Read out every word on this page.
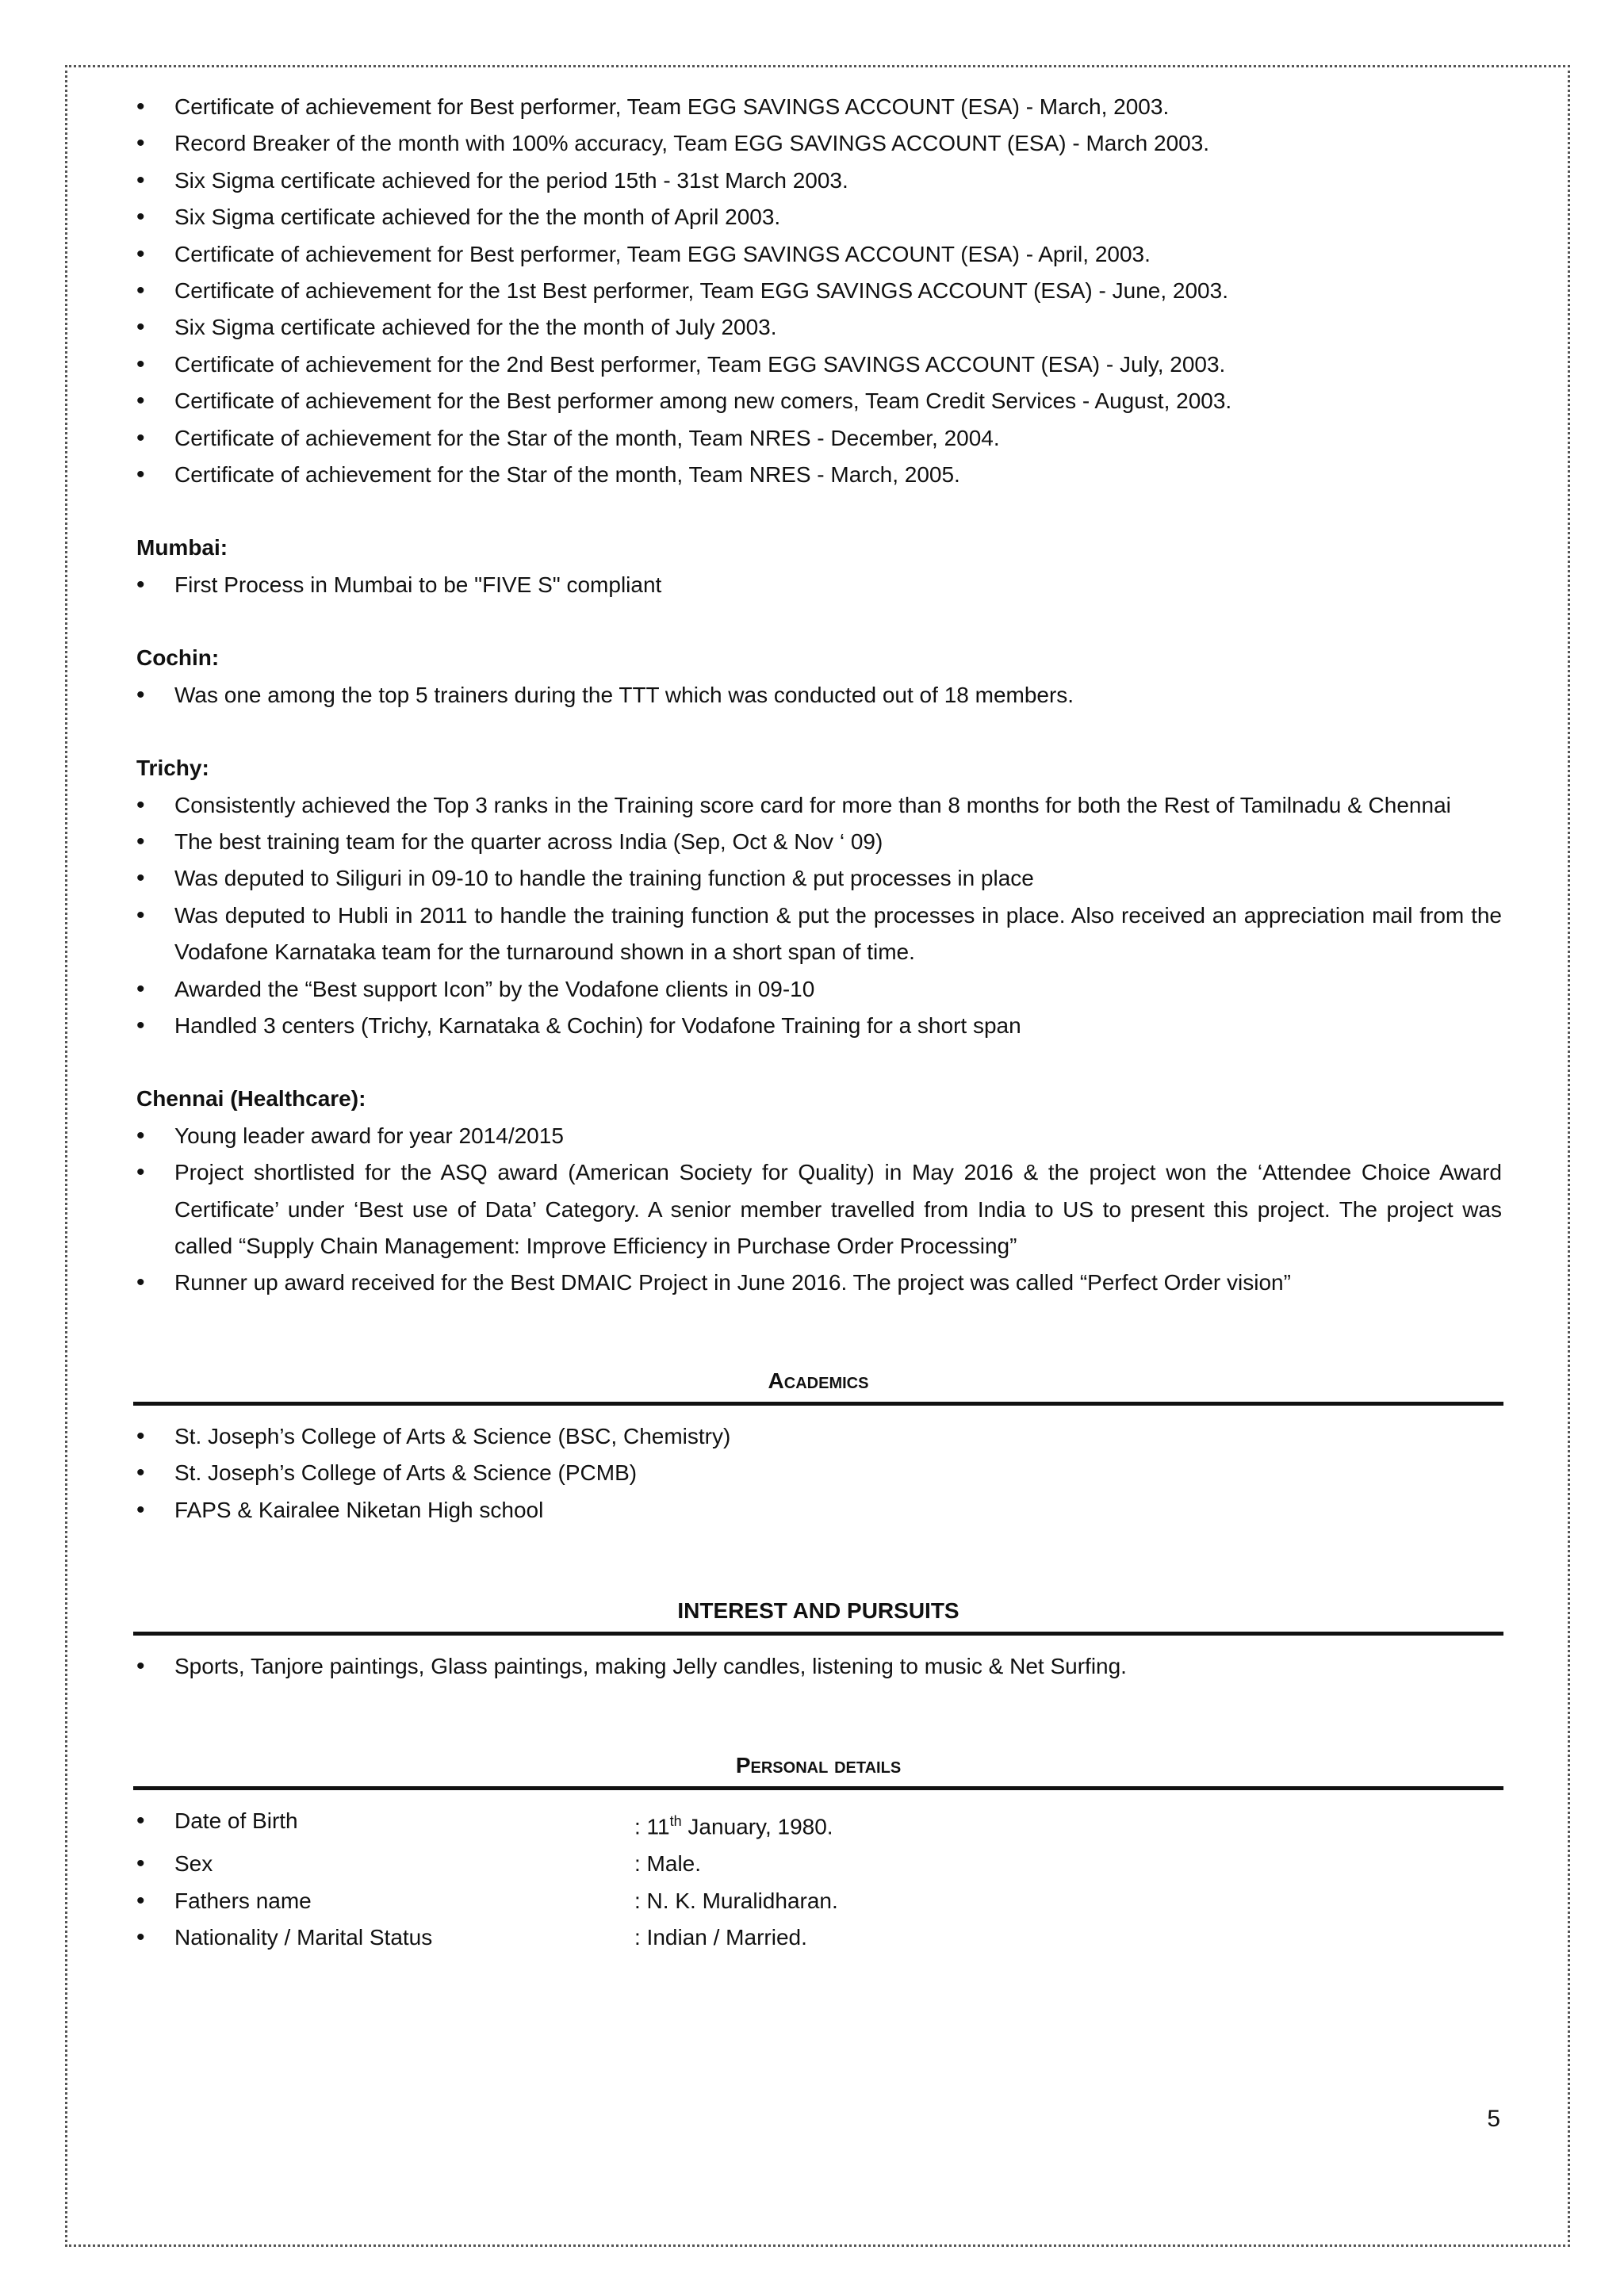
• Certificate of achievement for Best performer, Team EGG SAVINGS ACCOUNT (ESA) - March, 2003.
• Record Breaker of the month with 100% accuracy, Team EGG SAVINGS ACCOUNT (ESA) - March 2003.
• Six Sigma certificate achieved for the period 15th - 31st March 2003.
• Six Sigma certificate achieved for the the month of April 2003.
• Certificate of achievement for Best performer, Team EGG SAVINGS ACCOUNT (ESA) - April, 2003.
• Certificate of achievement for the 1st Best performer, Team EGG SAVINGS ACCOUNT (ESA) - June, 2003.
• Six Sigma certificate achieved for the the month of July 2003.
• Certificate of achievement for the 2nd Best performer, Team EGG SAVINGS ACCOUNT (ESA) - July, 2003.
• Certificate of achievement for the Best performer among new comers, Team Credit Services - August, 2003.
• Certificate of achievement for the Star of the month, Team NRES - December, 2004.
• Certificate of achievement for the Star of the month, Team NRES - March, 2005.
Mumbai:
• First Process in Mumbai to be "FIVE S" compliant
Cochin:
• Was one among the top 5 trainers during the TTT which was conducted out of 18 members.
Trichy:
• Consistently achieved the Top 3 ranks in the Training score card for more than 8 months for both the Rest of Tamilnadu & Chennai
• The best training team for the quarter across India (Sep, Oct & Nov ‘ 09)
• Was deputed to Siliguri in 09-10 to handle the training function & put processes in place
• Was deputed to Hubli in 2011 to handle the training function & put the processes in place. Also received an appreciation mail from the Vodafone Karnataka team for the turnaround shown in a short span of time.
• Awarded the “Best support Icon” by the Vodafone clients in 09-10
• Handled 3 centers (Trichy, Karnataka & Cochin) for Vodafone Training for a short span
Chennai (Healthcare):
• Young leader award for year 2014/2015
• Project shortlisted for the ASQ award (American Society for Quality) in May 2016 & the project won the ‘Attendee Choice Award Certificate’ under ‘Best use of Data’ Category. A senior member travelled from India to US to present this project. The project was called “Supply Chain Management: Improve Efficiency in Purchase Order Processing”
• Runner up award received for the Best DMAIC Project in June 2016. The project was called “Perfect Order vision”
Academics
• St. Joseph’s College of Arts & Science (BSC, Chemistry)
• St. Joseph’s College of Arts & Science (PCMB)
• FAPS & Kairalee Niketan High school
INTEREST AND PURSUITS
• Sports, Tanjore paintings, Glass paintings, making Jelly candles, listening to music & Net Surfing.
Personal details
• Date of Birth	: 11th January, 1980.
• Sex	: Male.
• Fathers name	: N. K. Muralidharan.
• Nationality / Marital Status	: Indian / Married.
5
